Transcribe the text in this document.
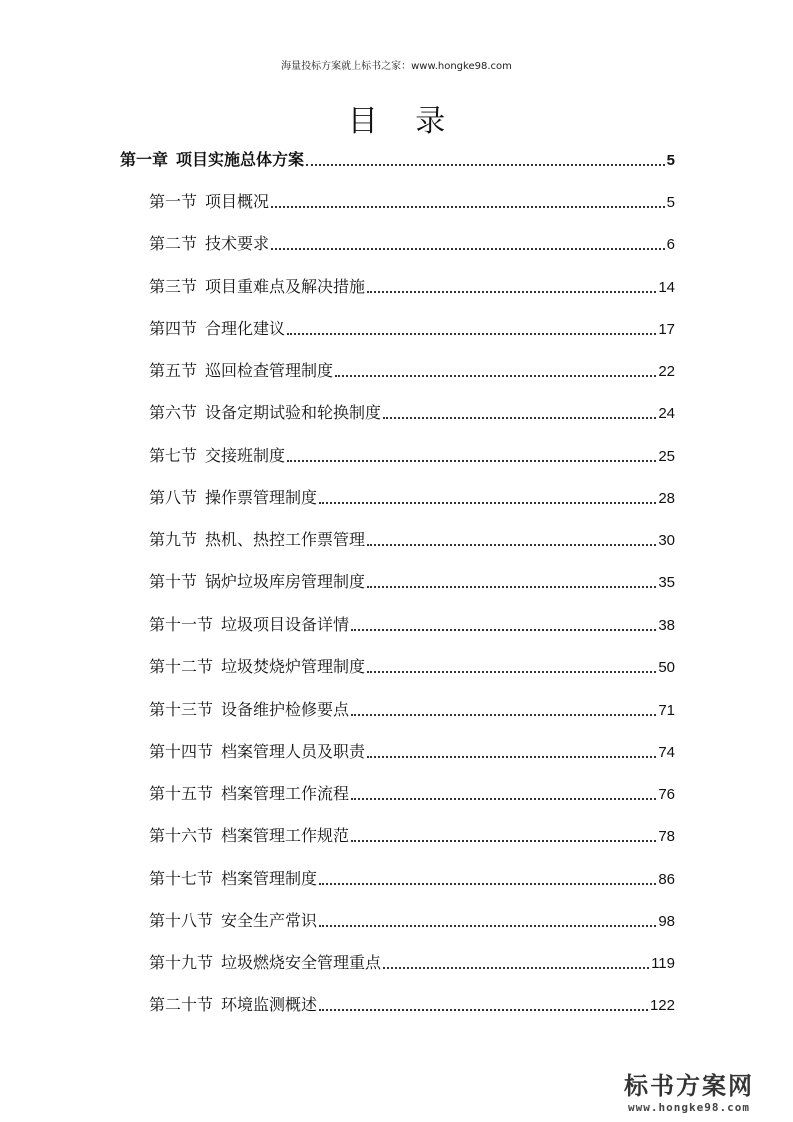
海量投标方案就上标书之家：www.hongke98.com
目 录
第一章 项目实施总体方案	5
第一节 项目概况	5
第二节 技术要求	6
第三节 项目重难点及解决措施	14
第四节 合理化建议	17
第五节 巡回检查管理制度	22
第六节 设备定期试验和轮换制度	24
第七节 交接班制度	25
第八节 操作票管理制度	28
第九节 热机、热控工作票管理	30
第十节 锅炉垃圾库房管理制度	35
第十一节 垃圾项目设备详情	38
第十二节 垃圾焚烧炉管理制度	50
第十三节 设备维护检修要点	71
第十四节 档案管理人员及职责	74
第十五节 档案管理工作流程	76
第十六节 档案管理工作规范	78
第十七节 档案管理制度	86
第十八节 安全生产常识	98
第十九节 垃圾燃烧安全管理重点	119
第二十节 环境监测概述	122
标书方案网
www.hongke98.com
